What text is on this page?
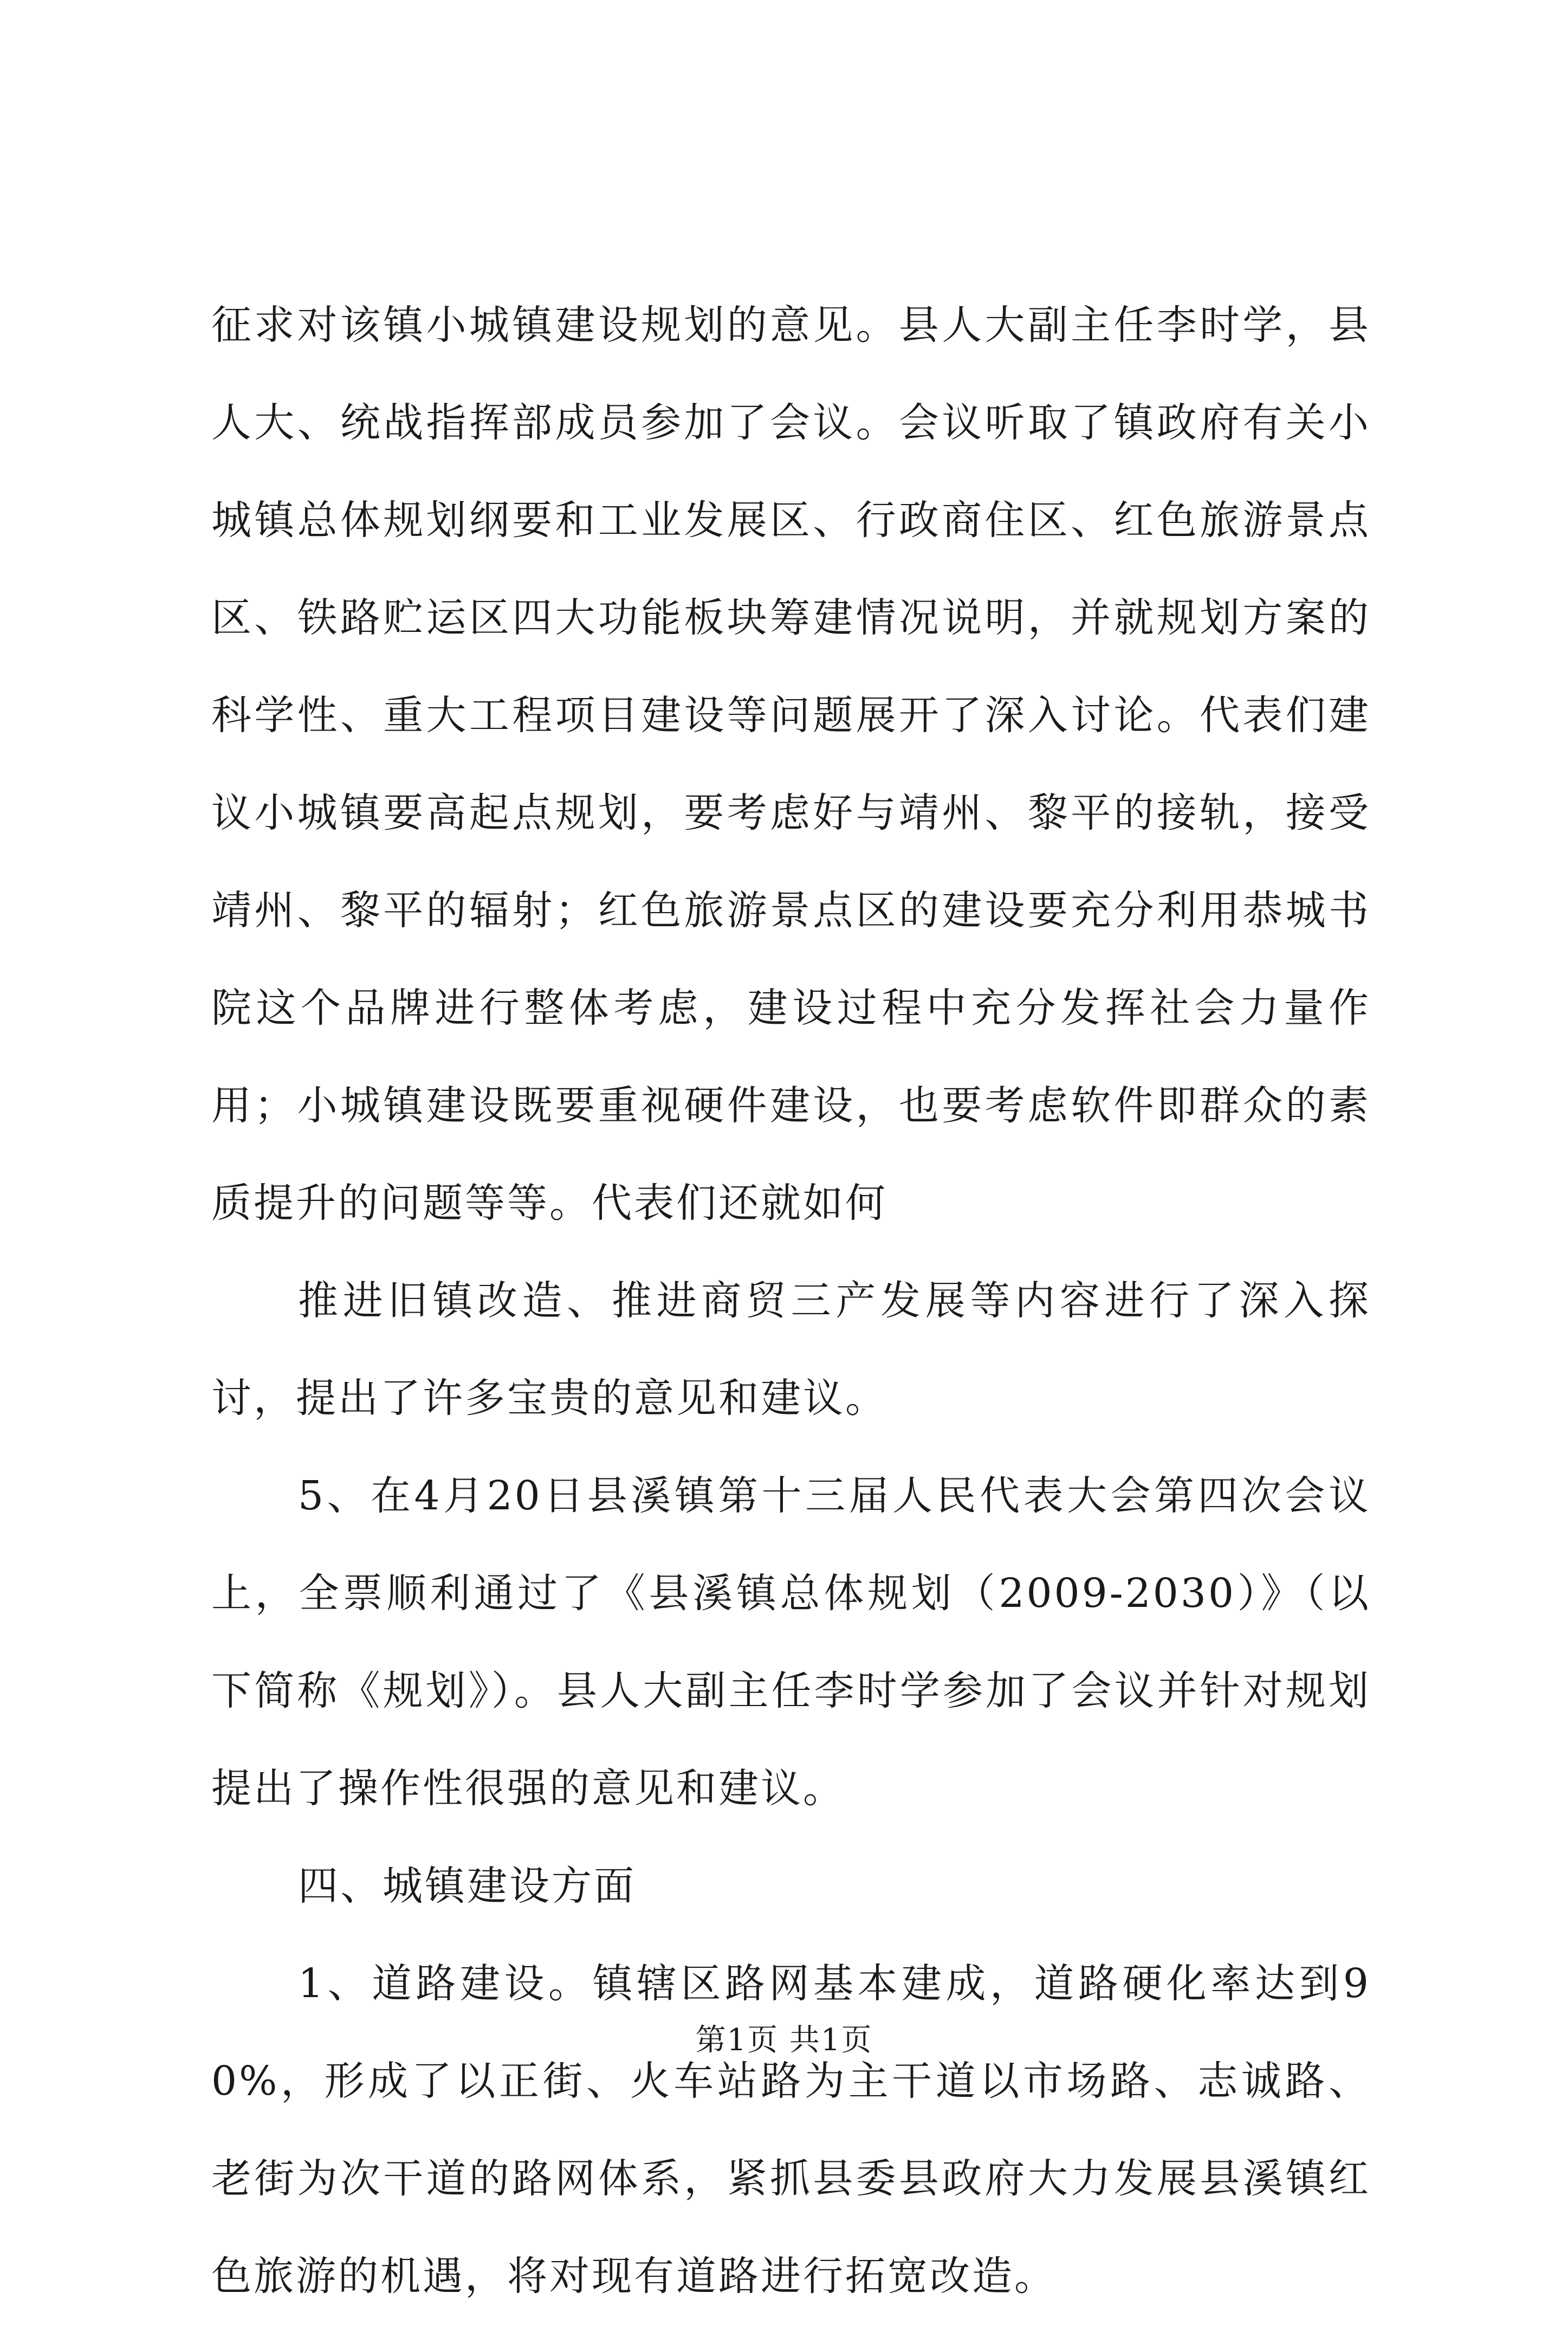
征求对该镇小城镇建设规划的意见。县人大副主任李时学，县人大、统战指挥部成员参加了会议。会议听取了镇政府有关小城镇总体规划纲要和工业发展区、行政商住区、红色旅游景点区、铁路贮运区四大功能板块筹建情况说明，并就规划方案的科学性、重大工程项目建设等问题展开了深入讨论。代表们建议小城镇要高起点规划，要考虑好与靖州、黎平的接轨，接受靖州、黎平的辐射；红色旅游景点区的建设要充分利用恭城书院这个品牌进行整体考虑，建设过程中充分发挥社会力量作用；小城镇建设既要重视硬件建设，也要考虑软件即群众的素质提升的问题等等。代表们还就如何

推进旧镇改造、推进商贸三产发展等内容进行了深入探讨，提出了许多宝贵的意见和建议。

5、在4月20日县溪镇第十三届人民代表大会第四次会议上，全票顺利通过了《县溪镇总体规划（2009-2030）》（以下简称《规划》）。县人大副主任李时学参加了会议并针对规划提出了操作性很强的意见和建议。

四、城镇建设方面

1、道路建设。镇辖区路网基本建成，道路硬化率达到90%，形成了以正街、火车站路为主干道以市场路、志诚路、老街为次干道的路网体系，紧抓县委县政府大力发展县溪镇红色旅游的机遇，将对现有道路进行拓宽改造。

第1页 共1页
